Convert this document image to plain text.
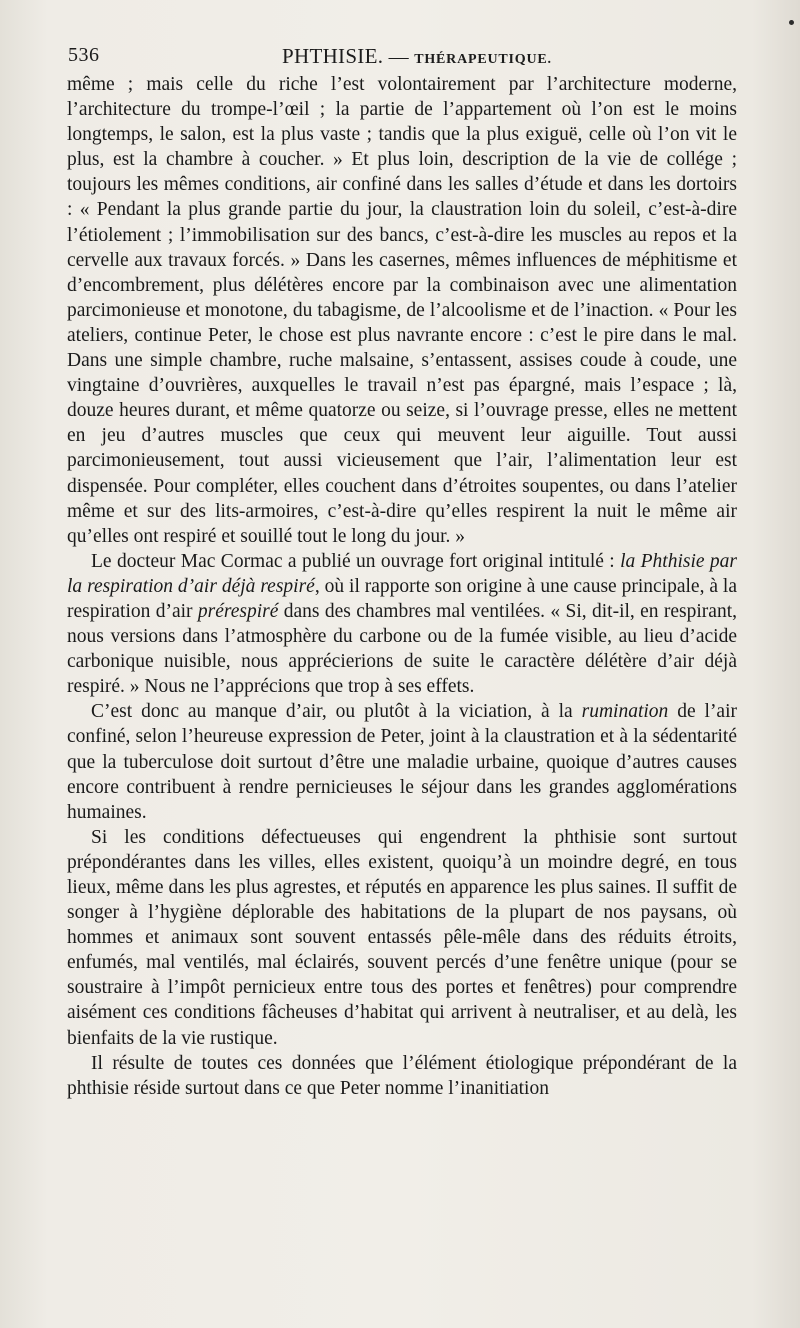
536	PHTHISIE. — THÉRAPEUTIQUE.

même ; mais celle du riche l’est volontairement par l’architecture moderne, l’architecture du trompe-l’œil ; la partie de l’appartement où l’on est le moins longtemps, le salon, est la plus vaste ; tandis que la plus exiguë, celle où l’on vit le plus, est la chambre à coucher. » Et plus loin, description de la vie de collége ; toujours les mêmes conditions, air confiné dans les salles d’étude et dans les dortoirs : « Pendant la plus grande partie du jour, la claustration loin du soleil, c’est-à-dire l’étiolement ; l’immobilisation sur des bancs, c’est-à-dire les muscles au repos et la cervelle aux travaux forcés. » Dans les casernes, mêmes influences de méphitisme et d’encombrement, plus délétères encore par la combinaison avec une alimentation parcimonieuse et monotone, du tabagisme, de l’alcoolisme et de l’inaction. « Pour les ateliers, continue Peter, le chose est plus navrante encore : c’est le pire dans le mal. Dans une simple chambre, ruche malsaine, s’entassent, assises coude à coude, une vingtaine d’ouvrières, auxquelles le travail n’est pas épargné, mais l’espace ; là, douze heures durant, et même quatorze ou seize, si l’ouvrage presse, elles ne mettent en jeu d’autres muscles que ceux qui meuvent leur aiguille. Tout aussi parcimonieusement, tout aussi vicieusement que l’air, l’alimentation leur est dispensée. Pour compléter, elles couchent dans d’étroites soupentes, ou dans l’atelier même et sur des lits-armoires, c’est-à-dire qu’elles respirent la nuit le même air qu’elles ont respiré et souillé tout le long du jour. »

Le docteur Mac Cormac a publié un ouvrage fort original intitulé : la Phthisie par la respiration d’air déjà respiré, où il rapporte son origine à une cause principale, à la respiration d’air prérespiré dans des chambres mal ventilées. « Si, dit-il, en respirant, nous versions dans l’atmosphère du carbone ou de la fumée visible, au lieu d’acide carbonique nuisible, nous apprécierions de suite le caractère délétère d’air déjà respiré. » Nous ne l’apprécions que trop à ses effets.

C’est donc au manque d’air, ou plutôt à la viciation, à la rumination de l’air confiné, selon l’heureuse expression de Peter, joint à la claustration et à la sédentarité que la tuberculose doit surtout d’être une maladie urbaine, quoique d’autres causes encore contribuent à rendre pernicieuses le séjour dans les grandes agglomérations humaines.

Si les conditions défectueuses qui engendrent la phthisie sont surtout prépondérantes dans les villes, elles existent, quoiqu’à un moindre degré, en tous lieux, même dans les plus agrestes, et réputés en apparence les plus saines. Il suffit de songer à l’hygiène déplorable des habitations de la plupart de nos paysans, où hommes et animaux sont souvent entassés pêle-mêle dans des réduits étroits, enfumés, mal ventilés, mal éclairés, souvent percés d’une fenêtre unique (pour se soustraire à l’impôt pernicieux entre tous des portes et fenêtres) pour comprendre aisément ces conditions fâcheuses d’habitat qui arrivent à neutraliser, et au delà, les bienfaits de la vie rustique.

Il résulte de toutes ces données que l’élément étiologique prépondérant de la phthisie réside surtout dans ce que Peter nomme l’inanitiation
